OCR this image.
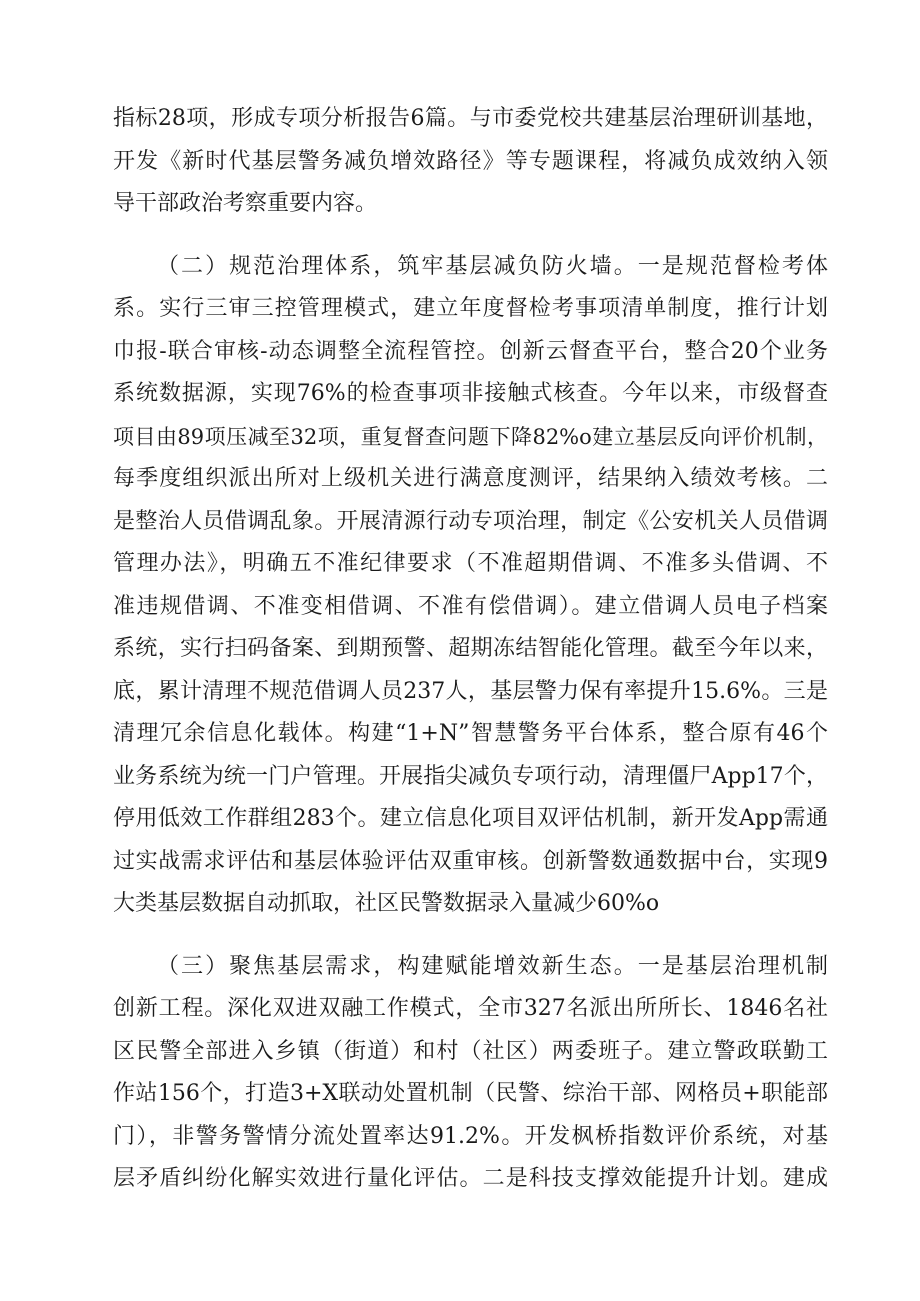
指标28项，形成专项分析报告6篇。与市委党校共建基层治理研训基地，
开发《新时代基层警务减负增效路径》等专题课程，将减负成效纳入领
导干部政治考察重要内容。
（二）规范治理体系，筑牢基层减负防火墙。一是规范督检考体
系。实行三审三控管理模式，建立年度督检考事项清单制度，推行计划
巾报-联合审核-动态调整全流程管控。创新云督查平台，整合20个业务
系统数据源，实现76%的检查事项非接触式核查。今年以来，市级督查
项目由89项压减至32项，重复督查问题下降82%o建立基层反向评价机制，
每季度组织派出所对上级机关进行满意度测评，结果纳入绩效考核。二
是整治人员借调乱象。开展清源行动专项治理，制定《公安机关人员借调
管理办法》，明确五不准纪律要求（不准超期借调、不准多头借调、不
准违规借调、不准变相借调、不准有偿借调）。建立借调人员电子档案
系统，实行扫码备案、到期预警、超期冻结智能化管理。截至今年以来，
底，累计清理不规范借调人员237人，基层警力保有率提升15.6%。三是
清理冗余信息化载体。构建“1+N”智慧警务平台体系，整合原有46个
业务系统为统一门户管理。开展指尖减负专项行动，清理僵尸App17个，
停用低效工作群组283个。建立信息化项目双评估机制，新开发App需通
过实战需求评估和基层体验评估双重审核。创新警数通数据中台，实现9
大类基层数据自动抓取，社区民警数据录入量减少60%o
（三）聚焦基层需求，构建赋能增效新生态。一是基层治理机制
创新工程。深化双进双融工作模式，全市327名派出所所长、1846名社
区民警全部进入乡镇（街道）和村（社区）两委班子。建立警政联勤工
作站156个，打造3+X联动处置机制（民警、综治干部、网格员+职能部
门），非警务警情分流处置率达91.2%。开发枫桥指数评价系统，对基
层矛盾纠纷化解实效进行量化评估。二是科技支撑效能提升计划。建成
